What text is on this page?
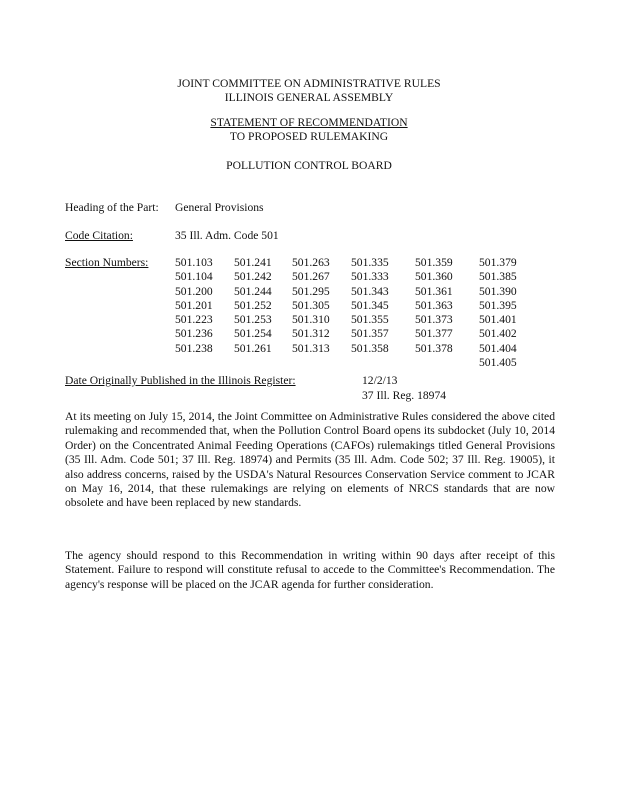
JOINT COMMITTEE ON ADMINISTRATIVE RULES
ILLINOIS GENERAL ASSEMBLY
STATEMENT OF RECOMMENDATION
TO PROPOSED RULEMAKING
POLLUTION CONTROL BOARD
Heading of the Part: General Provisions
Code Citation:	35 Ill. Adm. Code 501
Section Numbers: 501.103
501.104
501.200
501.201
501.223
501.236
501.238
501.241
501.242
501.244
501.252
501.253
501.254
501.261
501.263
501.267
501.295
501.305
501.310
501.312
501.313
501.335
501.333
501.343
501.345
501.355
501.357
501.358
501.359
501.360
501.361
501.363
501.373
501.377
501.378
501.379
501.385
501.390
501.395
501.401
501.402
501.404
501.405
Date Originally Published in the Illinois Register:	12/2/13
37 Ill. Reg. 18974
At its meeting on July 15, 2014, the Joint Committee on Administrative Rules considered the above cited rulemaking and recommended that, when the Pollution Control Board opens its subdocket (July 10, 2014 Order) on the Concentrated Animal Feeding Operations (CAFOs) rulemakings titled General Provisions (35 Ill. Adm. Code 501; 37 Ill. Reg. 18974) and Permits (35 Ill. Adm. Code 502; 37 Ill. Reg. 19005), it also address concerns, raised by the USDA's Natural Resources Conservation Service comment to JCAR on May 16, 2014, that these rulemakings are relying on elements of NRCS standards that are now obsolete and have been replaced by new standards.
The agency should respond to this Recommendation in writing within 90 days after receipt of this Statement. Failure to respond will constitute refusal to accede to the Committee's Recommendation. The agency's response will be placed on the JCAR agenda for further consideration.
